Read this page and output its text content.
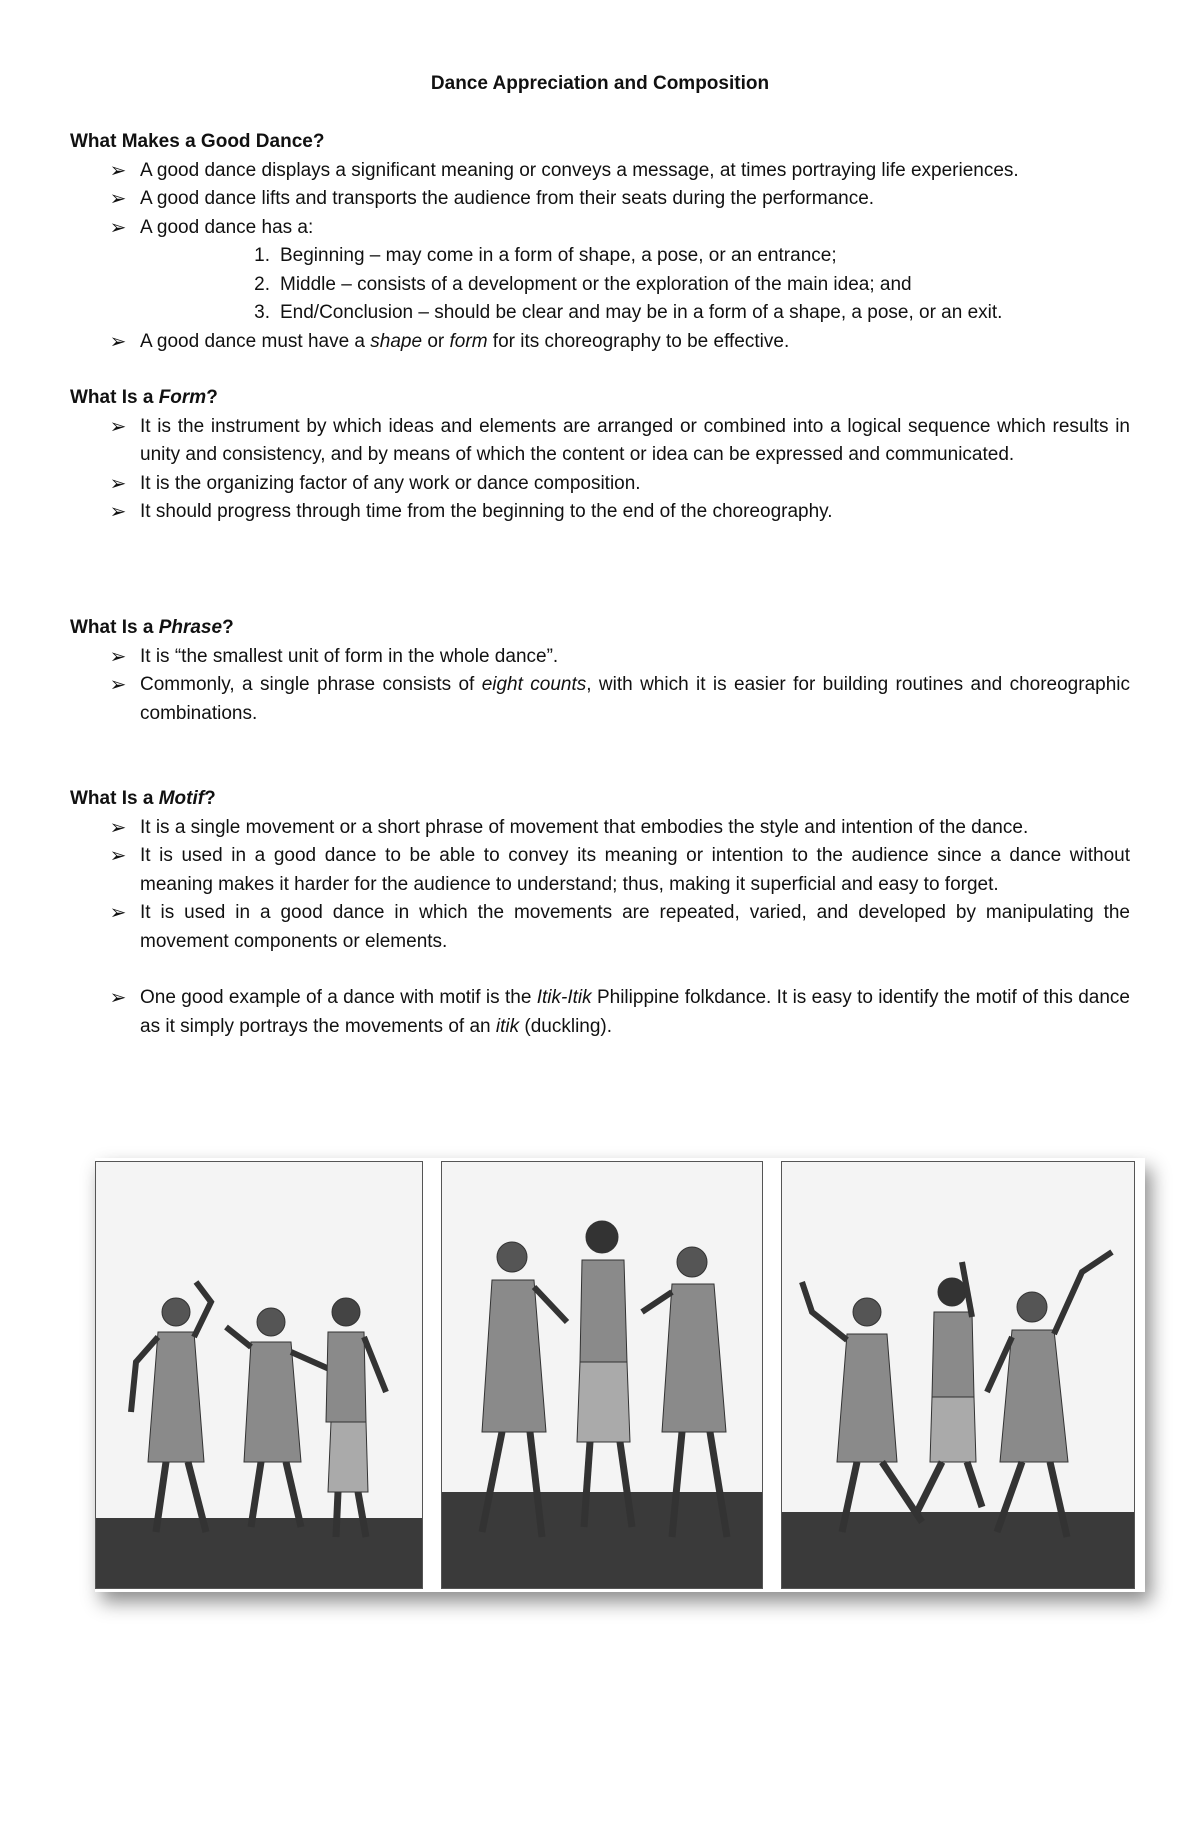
Dance Appreciation and Composition

What Makes a Good Dance?

➢ A good dance displays a significant meaning or conveys a message, at times portraying life experiences.
➢ A good dance lifts and transports the audience from their seats during the performance.
➢ A good dance has a:
1. Beginning – may come in a form of shape, a pose, or an entrance;
2. Middle – consists of a development or the exploration of the main idea; and
3. End/Conclusion – should be clear and may be in a form of a shape, a pose, or an exit.
➢ A good dance must have a shape or form for its choreography to be effective.

What Is a Form?

➢ It is the instrument by which ideas and elements are arranged or combined into a logical sequence which results in unity and consistency, and by means of which the content or idea can be expressed and communicated.
➢ It is the organizing factor of any work or dance composition.
➢ It should progress through time from the beginning to the end of the choreography.

What Is a Phrase?

➢ It is “the smallest unit of form in the whole dance”.
➢ Commonly, a single phrase consists of eight counts, with which it is easier for building routines and choreographic combinations.

What Is a Motif?

➢ It is a single movement or a short phrase of movement that embodies the style and intention of the dance.
➢ It is used in a good dance to be able to convey its meaning or intention to the audience since a dance without meaning makes it harder for the audience to understand; thus, making it superficial and easy to forget.
➢ It is used in a good dance in which the movements are repeated, varied, and developed by manipulating the movement components or elements.
➢ One good example of a dance with motif is the Itik-Itik Philippine folkdance. It is easy to identify the motif of this dance as it simply portrays the movements of an itik (duckling).
